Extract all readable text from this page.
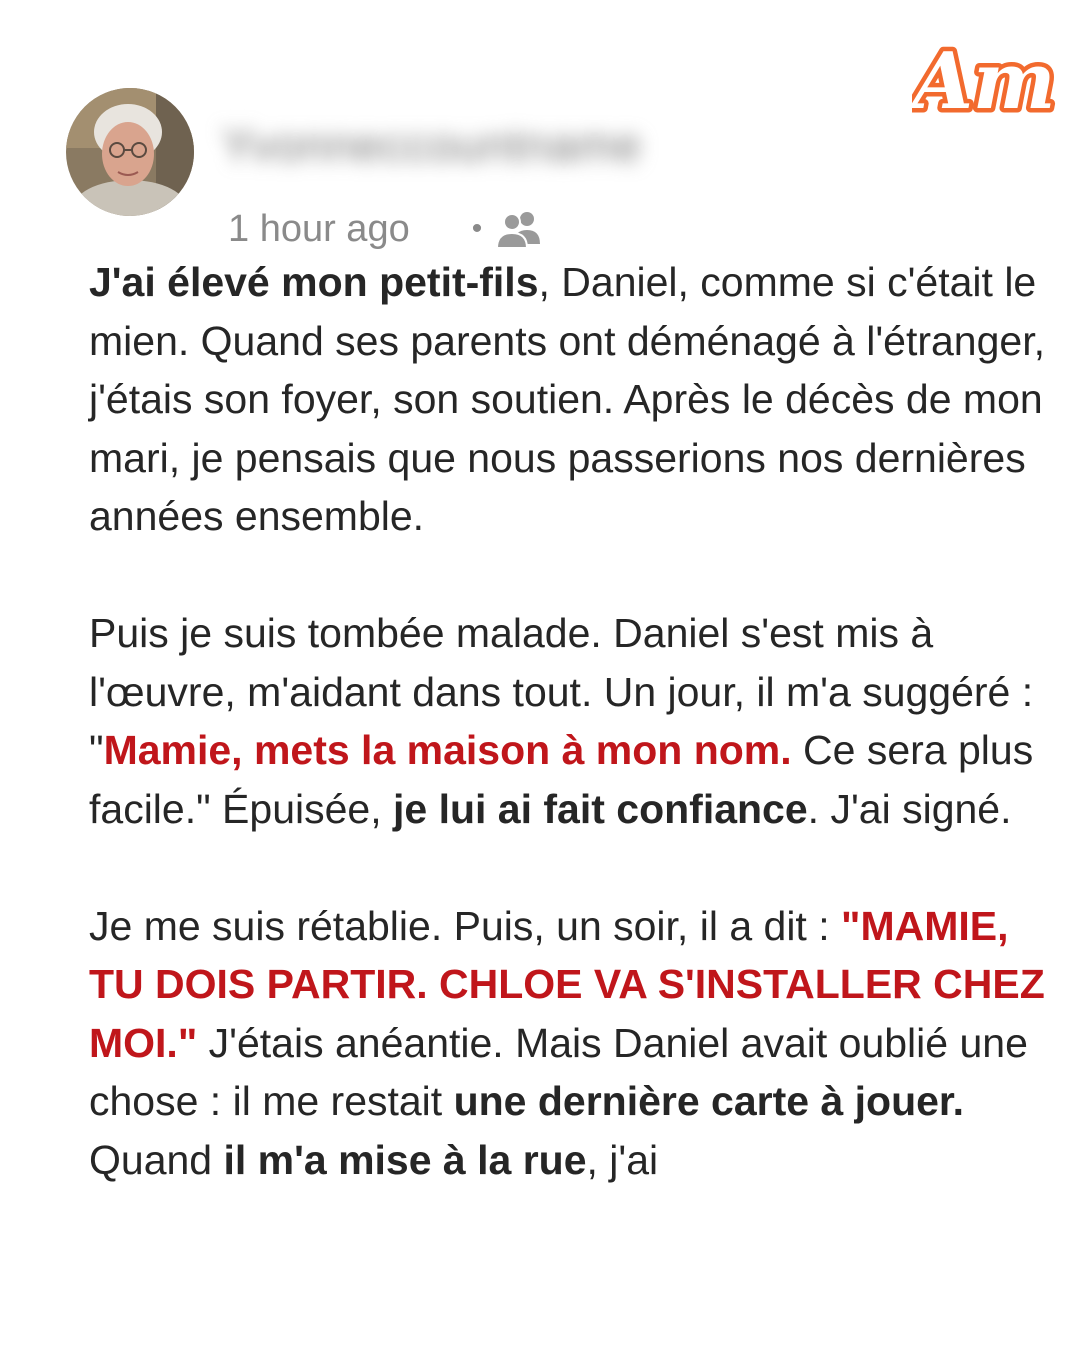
Am
Yvonneccountname
1 hour ago •

J'ai élevé mon petit-fils, Daniel, comme si c'était le mien. Quand ses parents ont déménagé à l'étranger, j'étais son foyer, son soutien. Après le décès de mon mari, je pensais que nous passerions nos dernières années ensemble.

Puis je suis tombée malade. Daniel s'est mis à l'œuvre, m'aidant dans tout. Un jour, il m'a suggéré : "Mamie, mets la maison à mon nom. Ce sera plus facile." Épuisée, je lui ai fait confiance. J'ai signé.

Je me suis rétablie. Puis, un soir, il a dit : "MAMIE, TU DOIS PARTIR. CHLOE VA S'INSTALLER CHEZ MOI." J'étais anéantie. Mais Daniel avait oublié une chose : il me restait une dernière carte à jouer. Quand il m'a mise à la rue, j'ai
